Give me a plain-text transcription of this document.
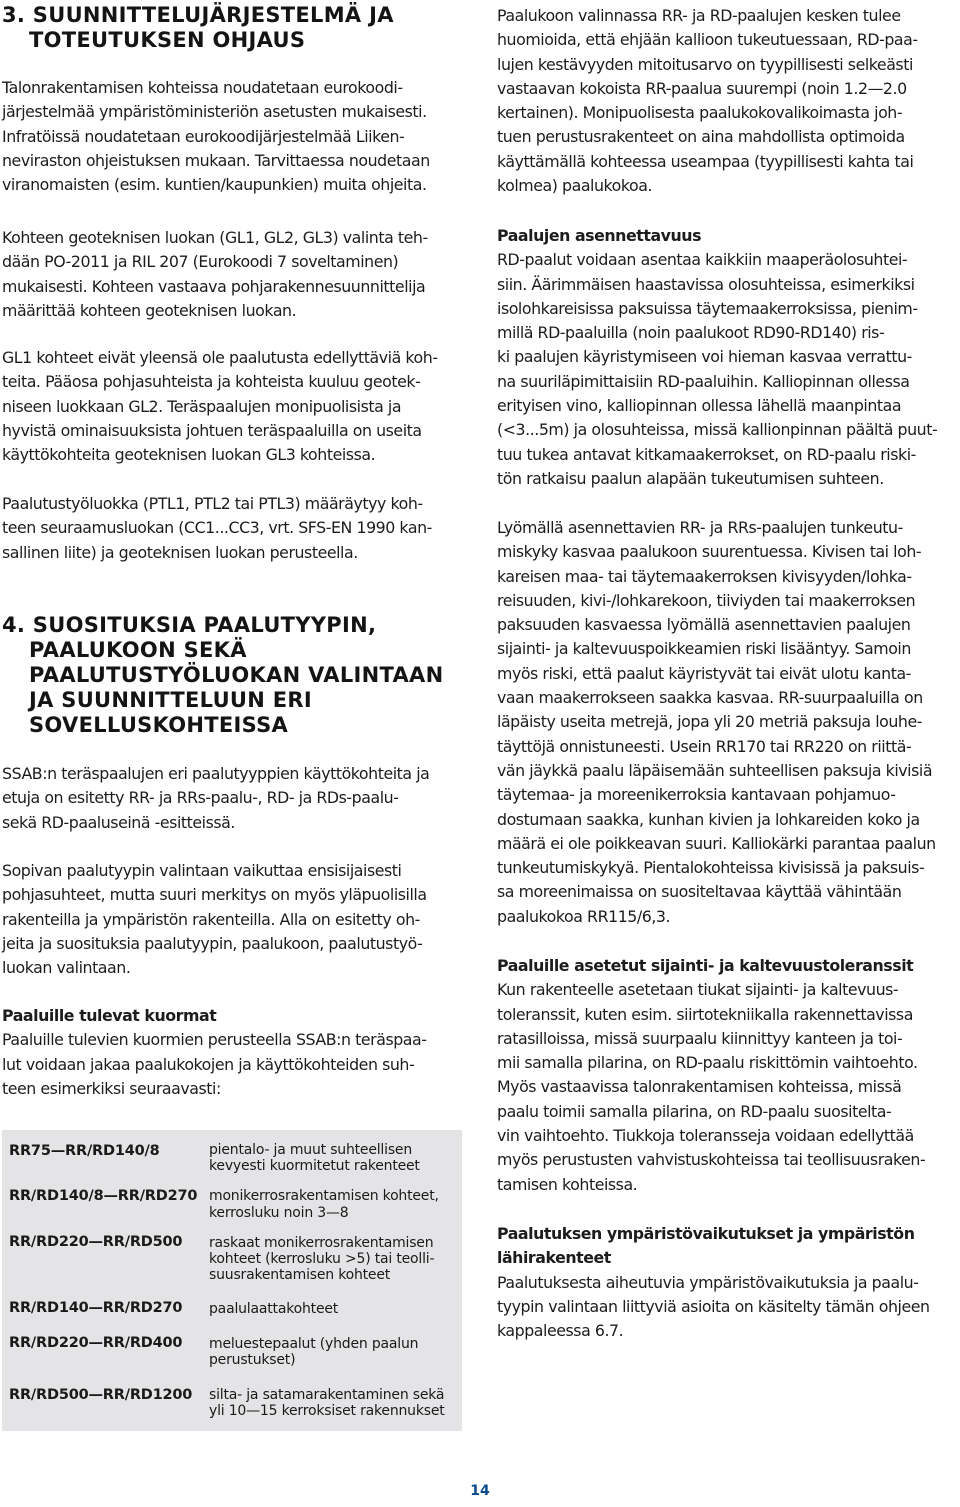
3. SUUNNITTELUJÄRJESTELMÄ JA
TOTEUTUKSEN OHJAUS
Talonrakentamisen kohteissa noudatetaan eurokoodi-
järjestelmää ympäristöministeriön asetusten mukaisesti.
Infratöissä noudatetaan eurokoodijärjestelmää Liiken-
neviraston ohjeistuksen mukaan. Tarvittaessa noudetaan
viranomaisten (esim. kuntien/kaupunkien) muita ohjeita.
Kohteen geoteknisen luokan (GL1, GL2, GL3) valinta teh-
dään PO-2011 ja RIL 207 (Eurokoodi 7 soveltaminen)
mukaisesti. Kohteen vastaava pohjarakennesuunnittelija
määrittää kohteen geoteknisen luokan.
GL1 kohteet eivät yleensä ole paalutusta edellyttäviä koh-
teita. Pääosa pohjasuhteista ja kohteista kuuluu geotek-
niseen luokkaan GL2. Teräspaalujen monipuolisista ja
hyvistä ominaisuuksista johtuen teräspaaluilla on useita
käyttökohteita geoteknisen luokan GL3 kohteissa.
Paalutustyöluokka (PTL1, PTL2 tai PTL3) määräytyy koh-
teen seuraamusluokan (CC1...CC3, vrt. SFS-EN 1990 kan-
sallinen liite) ja geoteknisen luokan perusteella.
4. SUOSITUKSIA PAALUTYYPIN,
PAALUKOON SEKÄ
PAALUTUSTYÖLUOKAN VALINTAAN
JA SUUNNITTELUUN ERI
SOVELLUSKOHTEISSA
SSAB:n teräspaalujen eri paalutyyppien käyttökohteita ja
etuja on esitetty RR- ja RRs-paalu-, RD- ja RDs-paalu-
sekä RD-paaluseinä -esitteissä.
Sopivan paalutyypin valintaan vaikuttaa ensisijaisesti
pohjasuhteet, mutta suuri merkitys on myös yläpuolisilla
rakenteilla ja ympäristön rakenteilla. Alla on esitetty oh-
jeita ja suosituksia paalutyypin, paalukoon, paalutustyö-
luokan valintaan.
Paaluille tulevat kuormat
Paaluille tulevien kuormien perusteella SSAB:n teräspaa-
lut voidaan jakaa paalukokojen ja käyttökohteiden suh-
teen esimerkiksi seuraavasti:
RR75—RR/RD140/8	pientalo- ja muut suhteellisen
kevyesti kuormitetut rakenteet

RR/RD140/8—RR/RD270	monikerrosrakentamisen kohteet,
kerrosluku noin 3—8

RR/RD220—RR/RD500	raskaat monikerrosrakentamisen
kohteet (kerrosluku >5) tai teolli-
suusrakentamisen kohteet

RR/RD140—RR/RD270	paalulaattakohteet

RR/RD220—RR/RD400	meluestepaalut (yhden paalun
perustukset)

RR/RD500—RR/RD1200	silta- ja satamarakentaminen sekä
yli 10—15 kerroksiset rakennukset
Paalukoon valinnassa RR- ja RD-paalujen kesken tulee
huomioida, että ehjään kallioon tukeutuessaan, RD-paa-
lujen kestävyyden mitoitusarvo on tyypillisesti selkeästi
vastaavan kokoista RR-paalua suurempi (noin 1.2—2.0
kertainen). Monipuolisesta paalukokovalikoimasta joh-
tuen perustusrakenteet on aina mahdollista optimoida
käyttämällä kohteessa useampaa (tyypillisesti kahta tai
kolmea) paalukokoa.
Paalujen asennettavuus
RD-paalut voidaan asentaa kaikkiin maaperäolosuhtei-
siin. Äärimmäisen haastavissa olosuhteissa, esimerkiksi
isolohkareisissa paksuissa täytemaakerroksissa, pienim-
millä RD-paaluilla (noin paalukoot RD90-RD140) ris-
ki paalujen käyristymiseen voi hieman kasvaa verrattu-
na suuriläpimittaisiin RD-paaluihin. Kalliopinnan ollessa
erityisen vino, kalliopinnan ollessa lähellä maanpintaa
(<3...5m) ja olosuhteissa, missä kallionpinnan päältä puut-
tuu tukea antavat kitkamaakerrokset, on RD-paalu riski-
tön ratkaisu paalun alapään tukeutumisen suhteen.
Lyömällä asennettavien RR- ja RRs-paalujen tunkeutu-
miskyky kasvaa paalukoon suurentuessa. Kivisen tai loh-
kareisen maa- tai täytemaakerroksen kivisyyden/lohka-
reisuuden, kivi-/lohkarekoon, tiiviyden tai maakerroksen
paksuuden kasvaessa lyömällä asennettavien paalujen
sijainti- ja kaltevuuspoikkeamien riski lisääntyy. Samoin
myös riski, että paalut käyristyvät tai eivät ulotu kanta-
vaan maakerrokseen saakka kasvaa. RR-suurpaaluilla on
läpäisty useita metrejä, jopa yli 20 metriä paksuja louhe-
täyttöjä onnistuneesti. Usein RR170 tai RR220 on riittä-
vän jäykkä paalu läpäisemään suhteellisen paksuja kivisiä
täytemaa- ja moreenikerroksia kantavaan pohjamuo-
dostumaan saakka, kunhan kivien ja lohkareiden koko ja
määrä ei ole poikkeavan suuri. Kalliokärki parantaa paalun
tunkeutumiskykyä. Pientalokohteissa kivisissä ja paksuis-
sa moreenimaissa on suositeltavaa käyttää vähintään
paalukokoa RR115/6,3.
Paaluille asetetut sijainti- ja kaltevuustoleranssit
Kun rakenteelle asetetaan tiukat sijainti- ja kaltevuus-
toleranssit, kuten esim. siirtotekniikalla rakennettavissa
ratasilloissa, missä suurpaalu kiinnittyy kanteen ja toi-
mii samalla pilarina, on RD-paalu riskittömin vaihtoehto.
Myös vastaavissa talonrakentamisen kohteissa, missä
paalu toimii samalla pilarina, on RD-paalu suositelta-
vin vaihtoehto. Tiukkoja toleransseja voidaan edellyttää
myös perustusten vahvistuskohteissa tai teollisuusraken-
tamisen kohteissa.
Paalutuksen ympäristövaikutukset ja ympäristön
lähirakenteet
Paalutuksesta aiheutuvia ympäristövaikutuksia ja paalu-
tyypin valintaan liittyviä asioita on käsitelty tämän ohjeen
kappaleessa 6.7.
14
